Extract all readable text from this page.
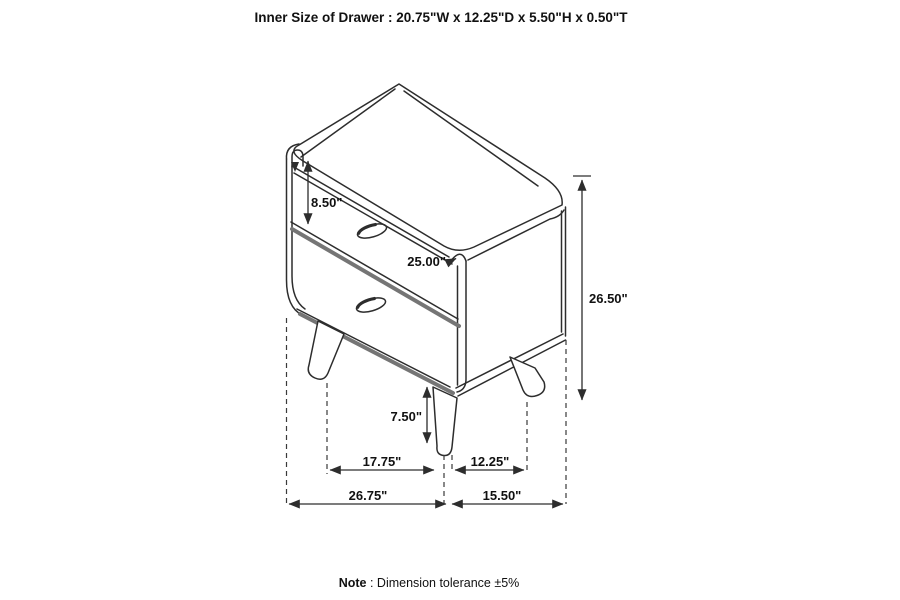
Inner Size of Drawer : 20.75"W x 12.25"D x 5.50"H x 0.50"T
8.50"
25.00"
26.50"
7.50"
17.75"	12.25"
26.75"	15.50"
Note : Dimension tolerance ±5%
